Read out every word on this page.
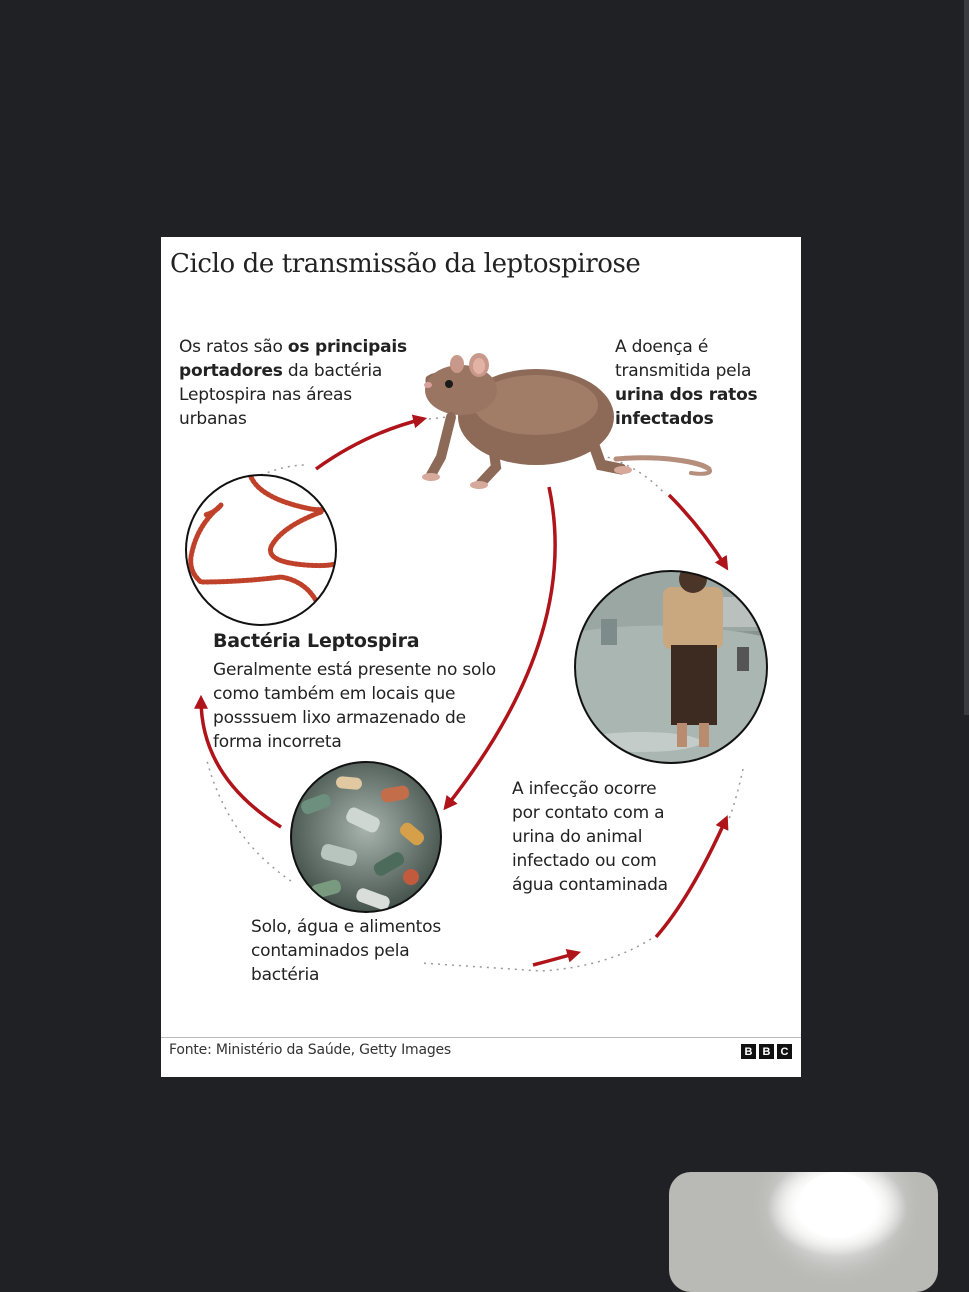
Ciclo de transmissão da leptospirose
Os ratos são os principais portadores da bactéria Leptospira nas áreas urbanas
A doença é transmitida pela urina dos ratos infectados
Bactéria Leptospira
Geralmente está presente no solo como também em locais que posssuem lixo armazenado de forma incorreta
Solo, água e alimentos contaminados pela bactéria
A infecção ocorre por contato com a urina do animal infectado ou com água contaminada
Fonte: Ministério da Saúde, Getty Images	B B C
